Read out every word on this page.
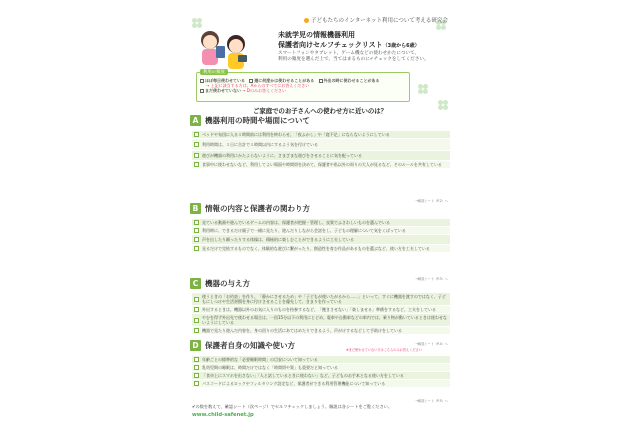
子どもたちのインターネット利用について考える研究会
未就学児の情報機器利用
保護者向けセルフチェックリスト（3歳から6歳）
スマートフォンやタブレット、ゲーム機などの使わせかたについて、
利用の頻度を選んだ上で、当てはまるものに✔チェックをしてください。
ほぼ毎日使わせている 週に何度かは使わせることがある 外出の時に使わせることがある
→ 上記に該当する方は、Aからのすべてにお答えください
まだ使わせていない → Dのみお答えください
利用の頻度
ご家庭でのお子さんへの使わせ方に近いのは？
A 機器利用の時間や場面について
ベッドや布団に入る１時間前には利用を終わらせ、「夜ふかし」や「寝不足」にならないようにしている
利用時間は、１日に合計で１時間以内にするよう気を付けている
遊びが機器の利用にかたよらないように、さまざまな遊びをさせることに気を配っている
食事中に使わせないなど、利用してよい場面や時間帯を決めて、保護者や私以外の周りの大人が見るなど、そのルールを共有している
→解説シート（P.2）へ
B 情報の内容と保護者の関わり方
見ている動画や遊んでいるゲームの内容は、保護者が把握・管理し、良質でふさわしいものを選んでいる
利用時に、できるだけ親子で一緒に見たり、遊んだりしながら会話をし、子どもの理解について気をくばっている
声を出したり踊ったりする体操は、積極的に楽しむことができるように工夫している
見るだけで完結するものでなく、体験的な遊びに繋がったり、創造性を育む作品があるものを選ぶなど、使い方を工夫している
→解説シート（P.3）へ
C 機器の与え方
使うときの「お約束」を作り、「静かにさせるため」や「子どもが使いたがるから……」といって、すぐに機器を渡すのではなく、子どもにしつけや生活習慣を身に付けさせることを優先して、きまりを作っている
外出するときは、機器以外のお気に入りのものを持参するなど、「飽きさせない」「楽しませる」準備をするなど、工夫をしている
やむを得ず外出先で使わせる場合は、一回15分以下の利用にとどめ、電車や自動車などの車内では、乗り物が動いているときは使わせないようにしている
機器で見たり遊んだ内容を、身の回りの生活にあてはめたりできるよう、声がけするなどして手助けをしている
→解説シート（P.4）へ
D 保護者自身の知識や使い方	※まだ使わせていない方はこちらのみお答えください
年齢ごとの標準的な「必要睡眠時間」の目安について知っている
乳幼児期の睡眠は、時間だけではなく「時間帯や質」も重要だと知っている
「食卓上にスマホを出さない」「人と話しているときに使わない」など、子どものお手本となる使い方をしている
パスコードによるロックやフィルタリング設定など、保護者ができる利用管理機能について知っている
→解説シート（P.5）へ
✔の数を数えて、確認シート（次ページ）でセルフチェックしましょう。解説は各シートをご覧ください。
www.child-safenet.jp
